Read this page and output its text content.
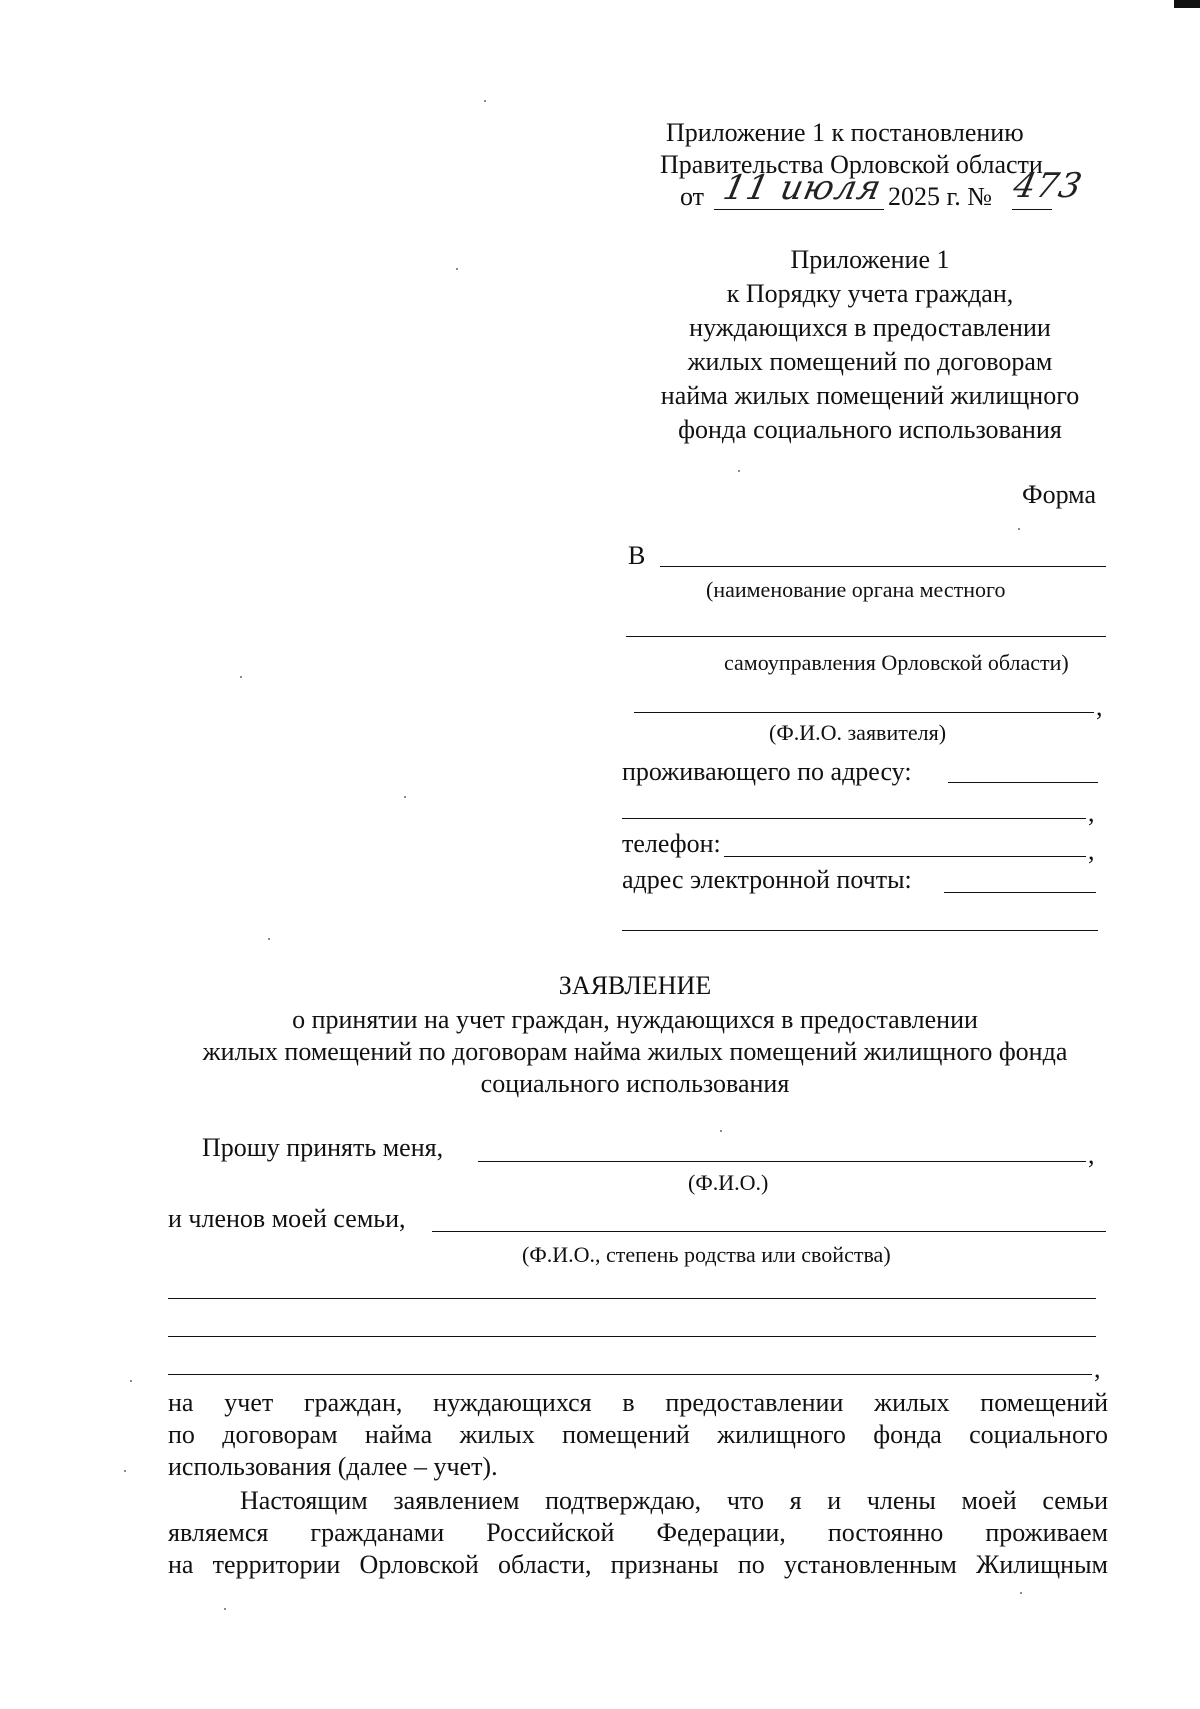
Приложение 1 к постановлению
Правительства Орловской области
от 11 июля 2025 г. № 473
Приложение 1
к Порядку учета граждан,
нуждающихся в предоставлении
жилых помещений по договорам
найма жилых помещений жилищного
фонда социального использования
Форма
В
(наименование органа местного
самоуправления Орловской области)
,
(Ф.И.О. заявителя)
проживающего по адресу:
,
телефон:	,
адрес электронной почты:
ЗАЯВЛЕНИЕ
о принятии на учет граждан, нуждающихся в предоставлении
жилых помещений по договорам найма жилых помещений жилищного фонда
социального использования
Прошу принять меня,	,
(Ф.И.О.)
и членов моей семьи,
(Ф.И.О., степень родства или свойства)
,
на учет граждан, нуждающихся в предоставлении жилых помещений
по договорам найма жилых помещений жилищного фонда социального
использования (далее – учет).
Настоящим заявлением подтверждаю, что я и члены моей семьи
являемся гражданами Российской Федерации, постоянно проживаем
на территории Орловской области, признаны по установленным Жилищным
